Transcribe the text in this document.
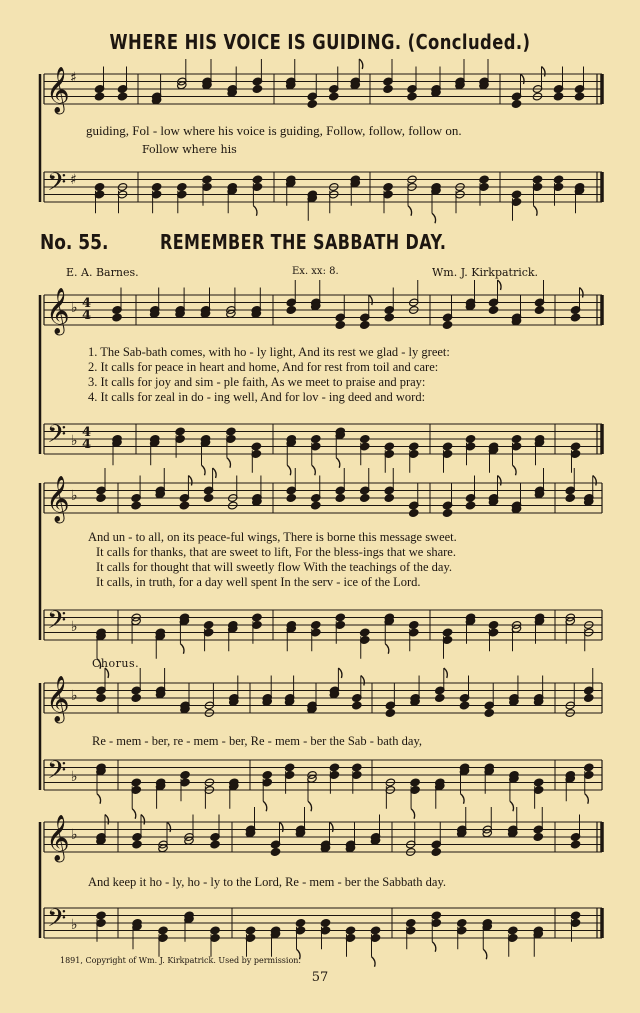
WHERE HIS VOICE IS GUIDING. (Concluded.)
𝄞
𝄢
♯
♯
𝄞
𝄢
♭
♭
4
4
4
4
𝄞
𝄢
♭
♭
𝄞
𝄢
♭
♭
𝄞
𝄢
♭
♭
guiding, Fol - low where his voice is guiding, Follow, follow, follow on.
Follow where his
No. 55.	REMEMBER THE SABBATH DAY.
E. A. Barnes.	Ex. xx: 8.	Wm. J. Kirkpatrick.
1. The Sab-bath comes, with ho - ly light, And its rest we glad - ly greet:
2. It calls for peace in heart and home, And for rest from toil and care:
3. It calls for joy and sim - ple faith, As we meet to praise and pray:
4. It calls for zeal in do - ing well, And for lov - ing deed and word:
And un - to all, on its peace-ful wings, There is borne this message sweet.
It calls for thanks, that are sweet to lift, For the bless-ings that we share.
It calls for thought that will sweetly flow With the teachings of the day.
It calls, in truth, for a day well spent In the serv - ice of the Lord.
Chorus.
Re - mem - ber, re - mem - ber, Re - mem - ber the Sab - bath day,
And keep it ho - ly, ho - ly to the Lord, Re - mem - ber the Sabbath day.
1891, Copyright of Wm. J. Kirkpatrick. Used by permission.
57
